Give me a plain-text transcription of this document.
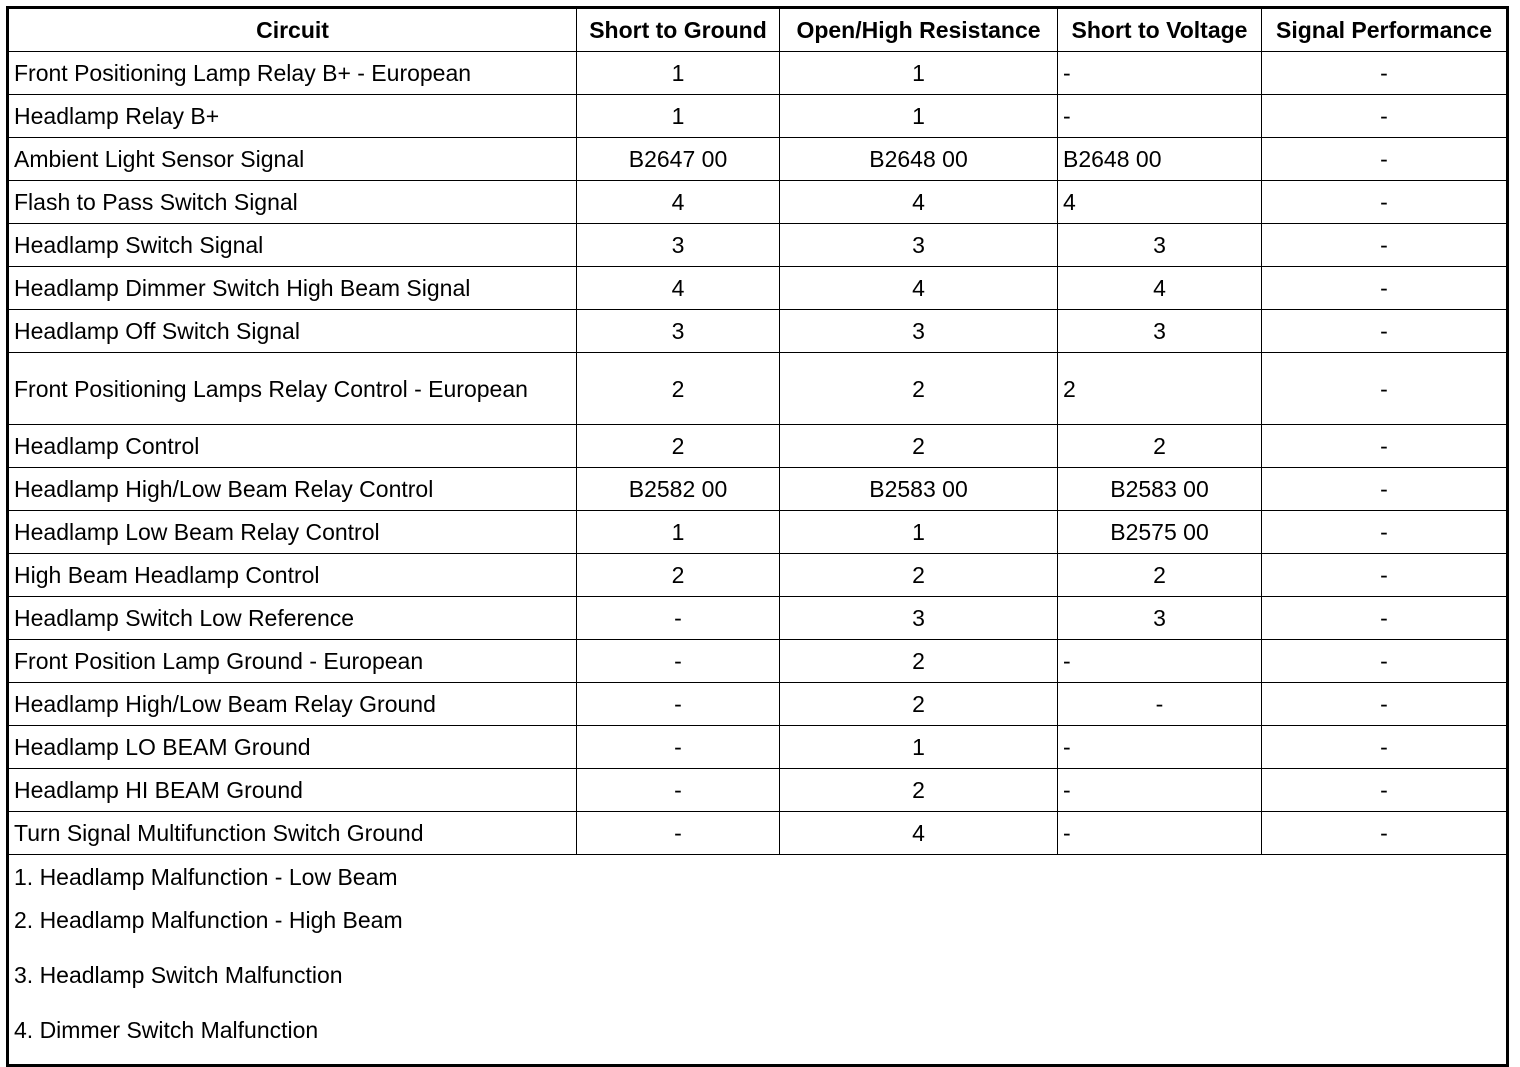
Circuit	Short to Ground	Open/High Resistance	Short to Voltage	Signal Performance
Front Positioning Lamp Relay B+ - European	1	1	-	-
Headlamp Relay B+	1	1	-	-
Ambient Light Sensor Signal	B2647 00	B2648 00	B2648 00	-
Flash to Pass Switch Signal	4	4	4	-
Headlamp Switch Signal	3	3	3	-
Headlamp Dimmer Switch High Beam Signal	4	4	4	-
Headlamp Off Switch Signal	3	3	3	-
Front Positioning Lamps Relay Control - European	2	2	2	-
Headlamp Control	2	2	2	-
Headlamp High/Low Beam Relay Control	B2582 00	B2583 00	B2583 00	-
Headlamp Low Beam Relay Control	1	1	B2575 00	-
High Beam Headlamp Control	2	2	2	-
Headlamp Switch Low Reference	-	3	3	-
Front Position Lamp Ground - European	-	2	-	-
Headlamp High/Low Beam Relay Ground	-	2	-	-
Headlamp LO BEAM Ground	-	1	-	-
Headlamp HI BEAM Ground	-	2	-	-
Turn Signal Multifunction Switch Ground	-	4	-	-

1. Headlamp Malfunction - Low Beam
2. Headlamp Malfunction - High Beam
3. Headlamp Switch Malfunction
4. Dimmer Switch Malfunction				
